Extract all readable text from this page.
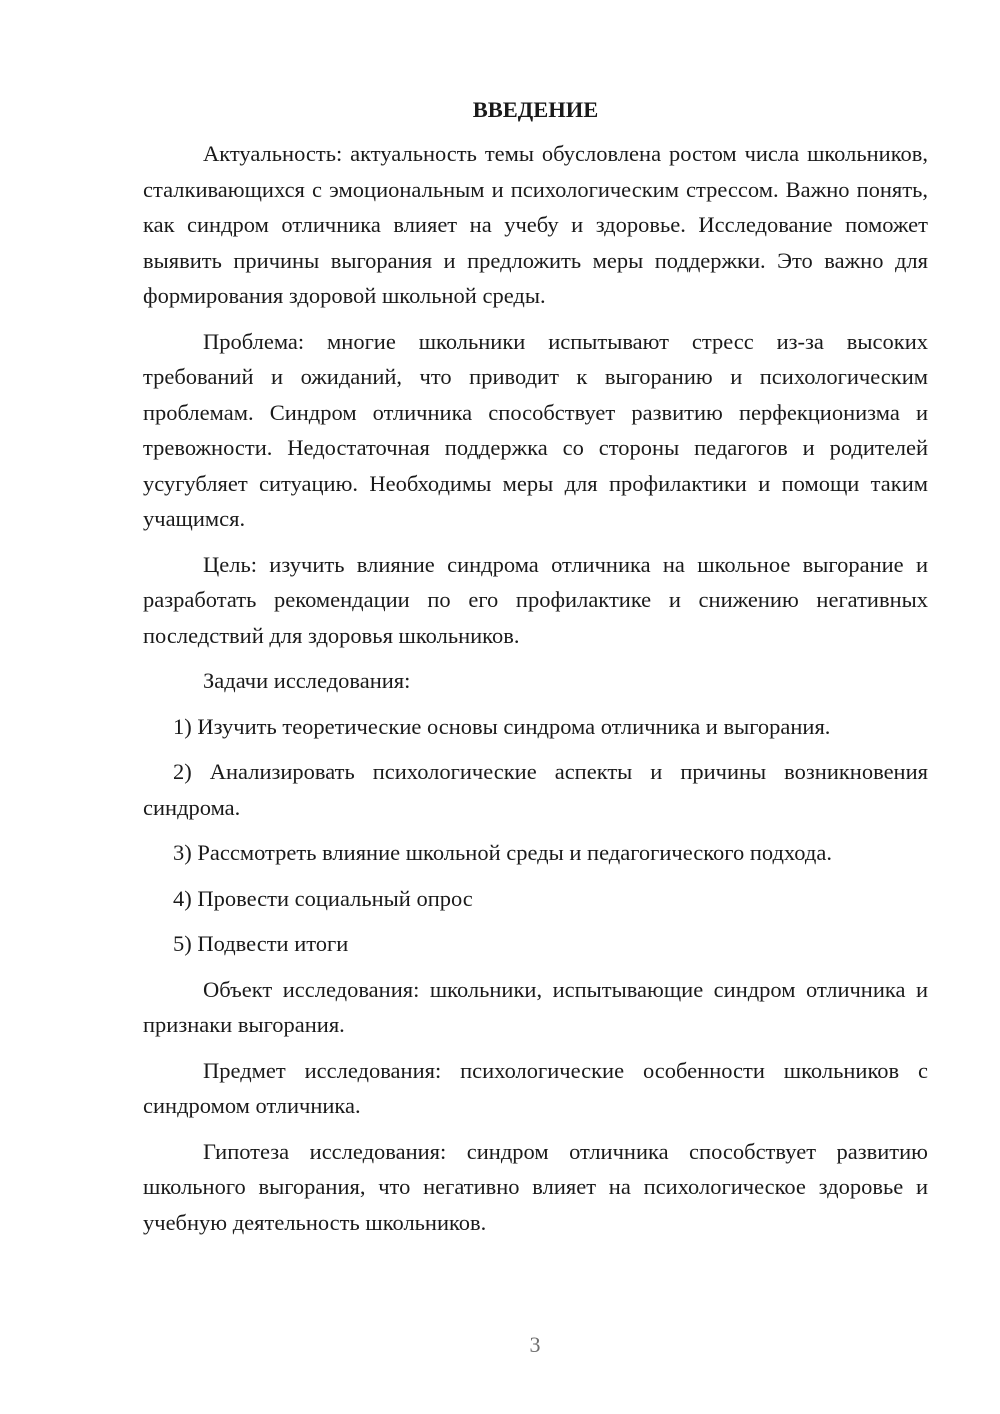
ВВЕДЕНИЕ

Актуальность: актуальность темы обусловлена ростом числа школьников, сталкивающихся с эмоциональным и психологическим стрессом. Важно понять, как синдром отличника влияет на учебу и здоровье. Исследование поможет выявить причины выгорания и предложить меры поддержки. Это важно для формирования здоровой школьной среды.

Проблема: многие школьники испытывают стресс из-за высоких требований и ожиданий, что приводит к выгоранию и психологическим проблемам. Синдром отличника способствует развитию перфекционизма и тревожности. Недостаточная поддержка со стороны педагогов и родителей усугубляет ситуацию. Необходимы меры для профилактики и помощи таким учащимся.

Цель: изучить влияние синдрома отличника на школьное выгорание и разработать рекомендации по его профилактике и снижению негативных последствий для здоровья школьников.

Задачи исследования:

1) Изучить теоретические основы синдрома отличника и выгорания.

2) Анализировать психологические аспекты и причины возникновения синдрома.

3) Рассмотреть влияние школьной среды и педагогического подхода.

4) Провести социальный опрос

5) Подвести итоги

Объект исследования: школьники, испытывающие синдром отличника и признаки выгорания.

Предмет исследования: психологические особенности школьников с синдромом отличника.

Гипотеза исследования: синдром отличника способствует развитию школьного выгорания, что негативно влияет на психологическое здоровье и учебную деятельность школьников.

3
